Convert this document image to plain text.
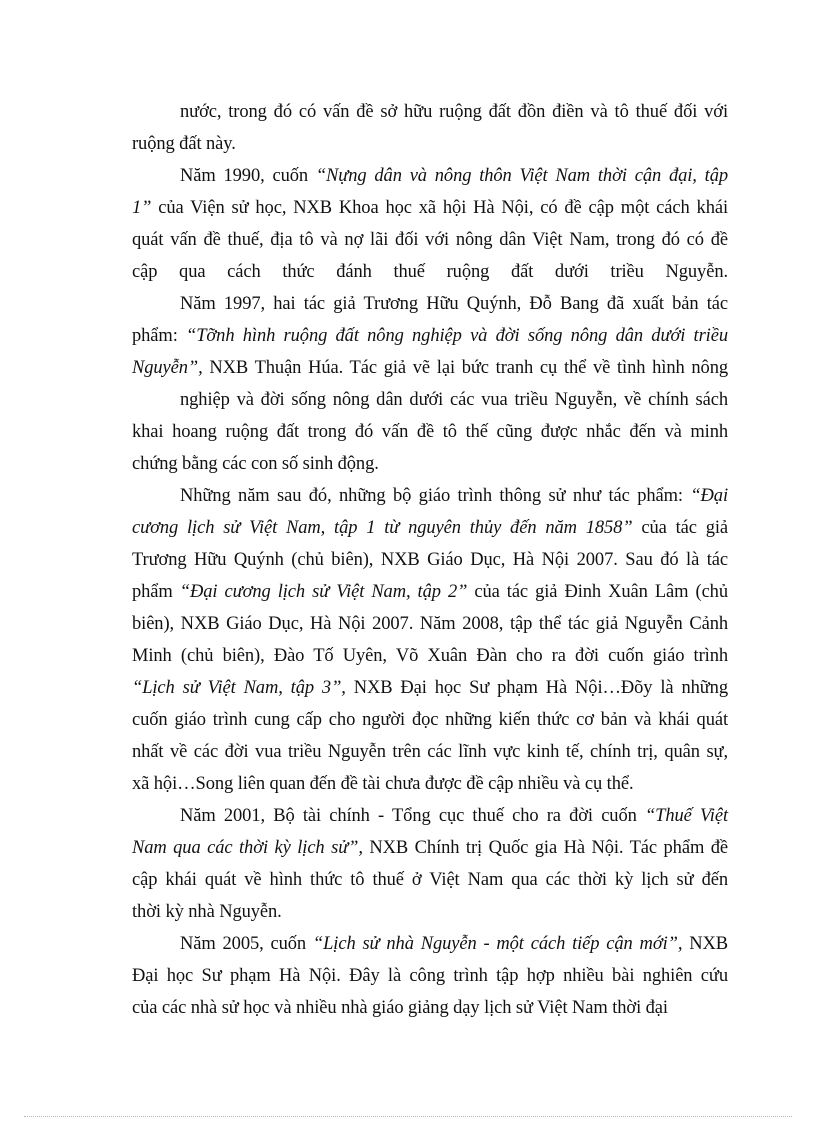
nước, trong đó có vấn đề sở hữu ruộng đất đồn điền và tô thuế đối với
ruộng đất này.
Năm 1990, cuốn “Nựng dân và nông thôn Việt Nam thời cận đại, tập
1” của Viện sử học, NXB Khoa học xã hội Hà Nội, có đề cập một cách khái
quát vấn đề thuế, địa tô và nợ lãi đối với nông dân Việt Nam, trong đó có đề
cập qua cách thức đánh thuế ruộng đất dưới triều Nguyễn.
Năm 1997, hai tác giả Trương Hữu Quýnh, Đỗ Bang đã xuất bản tác
phẩm: “Tỡnh hình ruộng đất nông nghiệp và đời sống nông dân dưới triều
Nguyễn”, NXB Thuận Húa. Tác giả vẽ lại bức tranh cụ thể về tình hình nông
nghiệp và đời sống nông dân dưới các vua triều Nguyễn, về chính sách
khai hoang ruộng đất trong đó vấn đề tô thế cũng được nhắc đến và minh
chứng bằng các con số sinh động.
Những năm sau đó, những bộ giáo trình thông sử như tác phẩm: “Đại
cương lịch sử Việt Nam, tập 1 từ nguyên thủy đến năm 1858” của tác giả
Trương Hữu Quýnh (chủ biên), NXB Giáo Dục, Hà Nội 2007. Sau đó là tác
phẩm “Đại cương lịch sử Việt Nam, tập 2” của tác giả Đinh Xuân Lâm (chủ
biên), NXB Giáo Dục, Hà Nội 2007. Năm 2008, tập thể tác giả Nguyễn Cảnh
Minh (chủ biên), Đào Tố Uyên, Võ Xuân Đàn cho ra đời cuốn giáo trình
“Lịch sử Việt Nam, tập 3”, NXB Đại học Sư phạm Hà Nội…Đõy là những
cuốn giáo trình cung cấp cho người đọc những kiến thức cơ bản và khái quát
nhất về các đời vua triều Nguyễn trên các lĩnh vực kinh tế, chính trị, quân sự,
xã hội…Song liên quan đến đề tài chưa được đề cập nhiều và cụ thể.
Năm 2001, Bộ tài chính - Tổng cục thuế cho ra đời cuốn “Thuế Việt
Nam qua các thời kỳ lịch sử”, NXB Chính trị Quốc gia Hà Nội. Tác phẩm đề
cập khái quát về hình thức tô thuế ở Việt Nam qua các thời kỳ lịch sử đến
thời kỳ nhà Nguyễn.
Năm 2005, cuốn “Lịch sử nhà Nguyễn - một cách tiếp cận mới”, NXB
Đại học Sư phạm Hà Nội. Đây là công trình tập hợp nhiều bài nghiên cứu
của các nhà sử học và nhiều nhà giáo giảng dạy lịch sử Việt Nam thời đại
